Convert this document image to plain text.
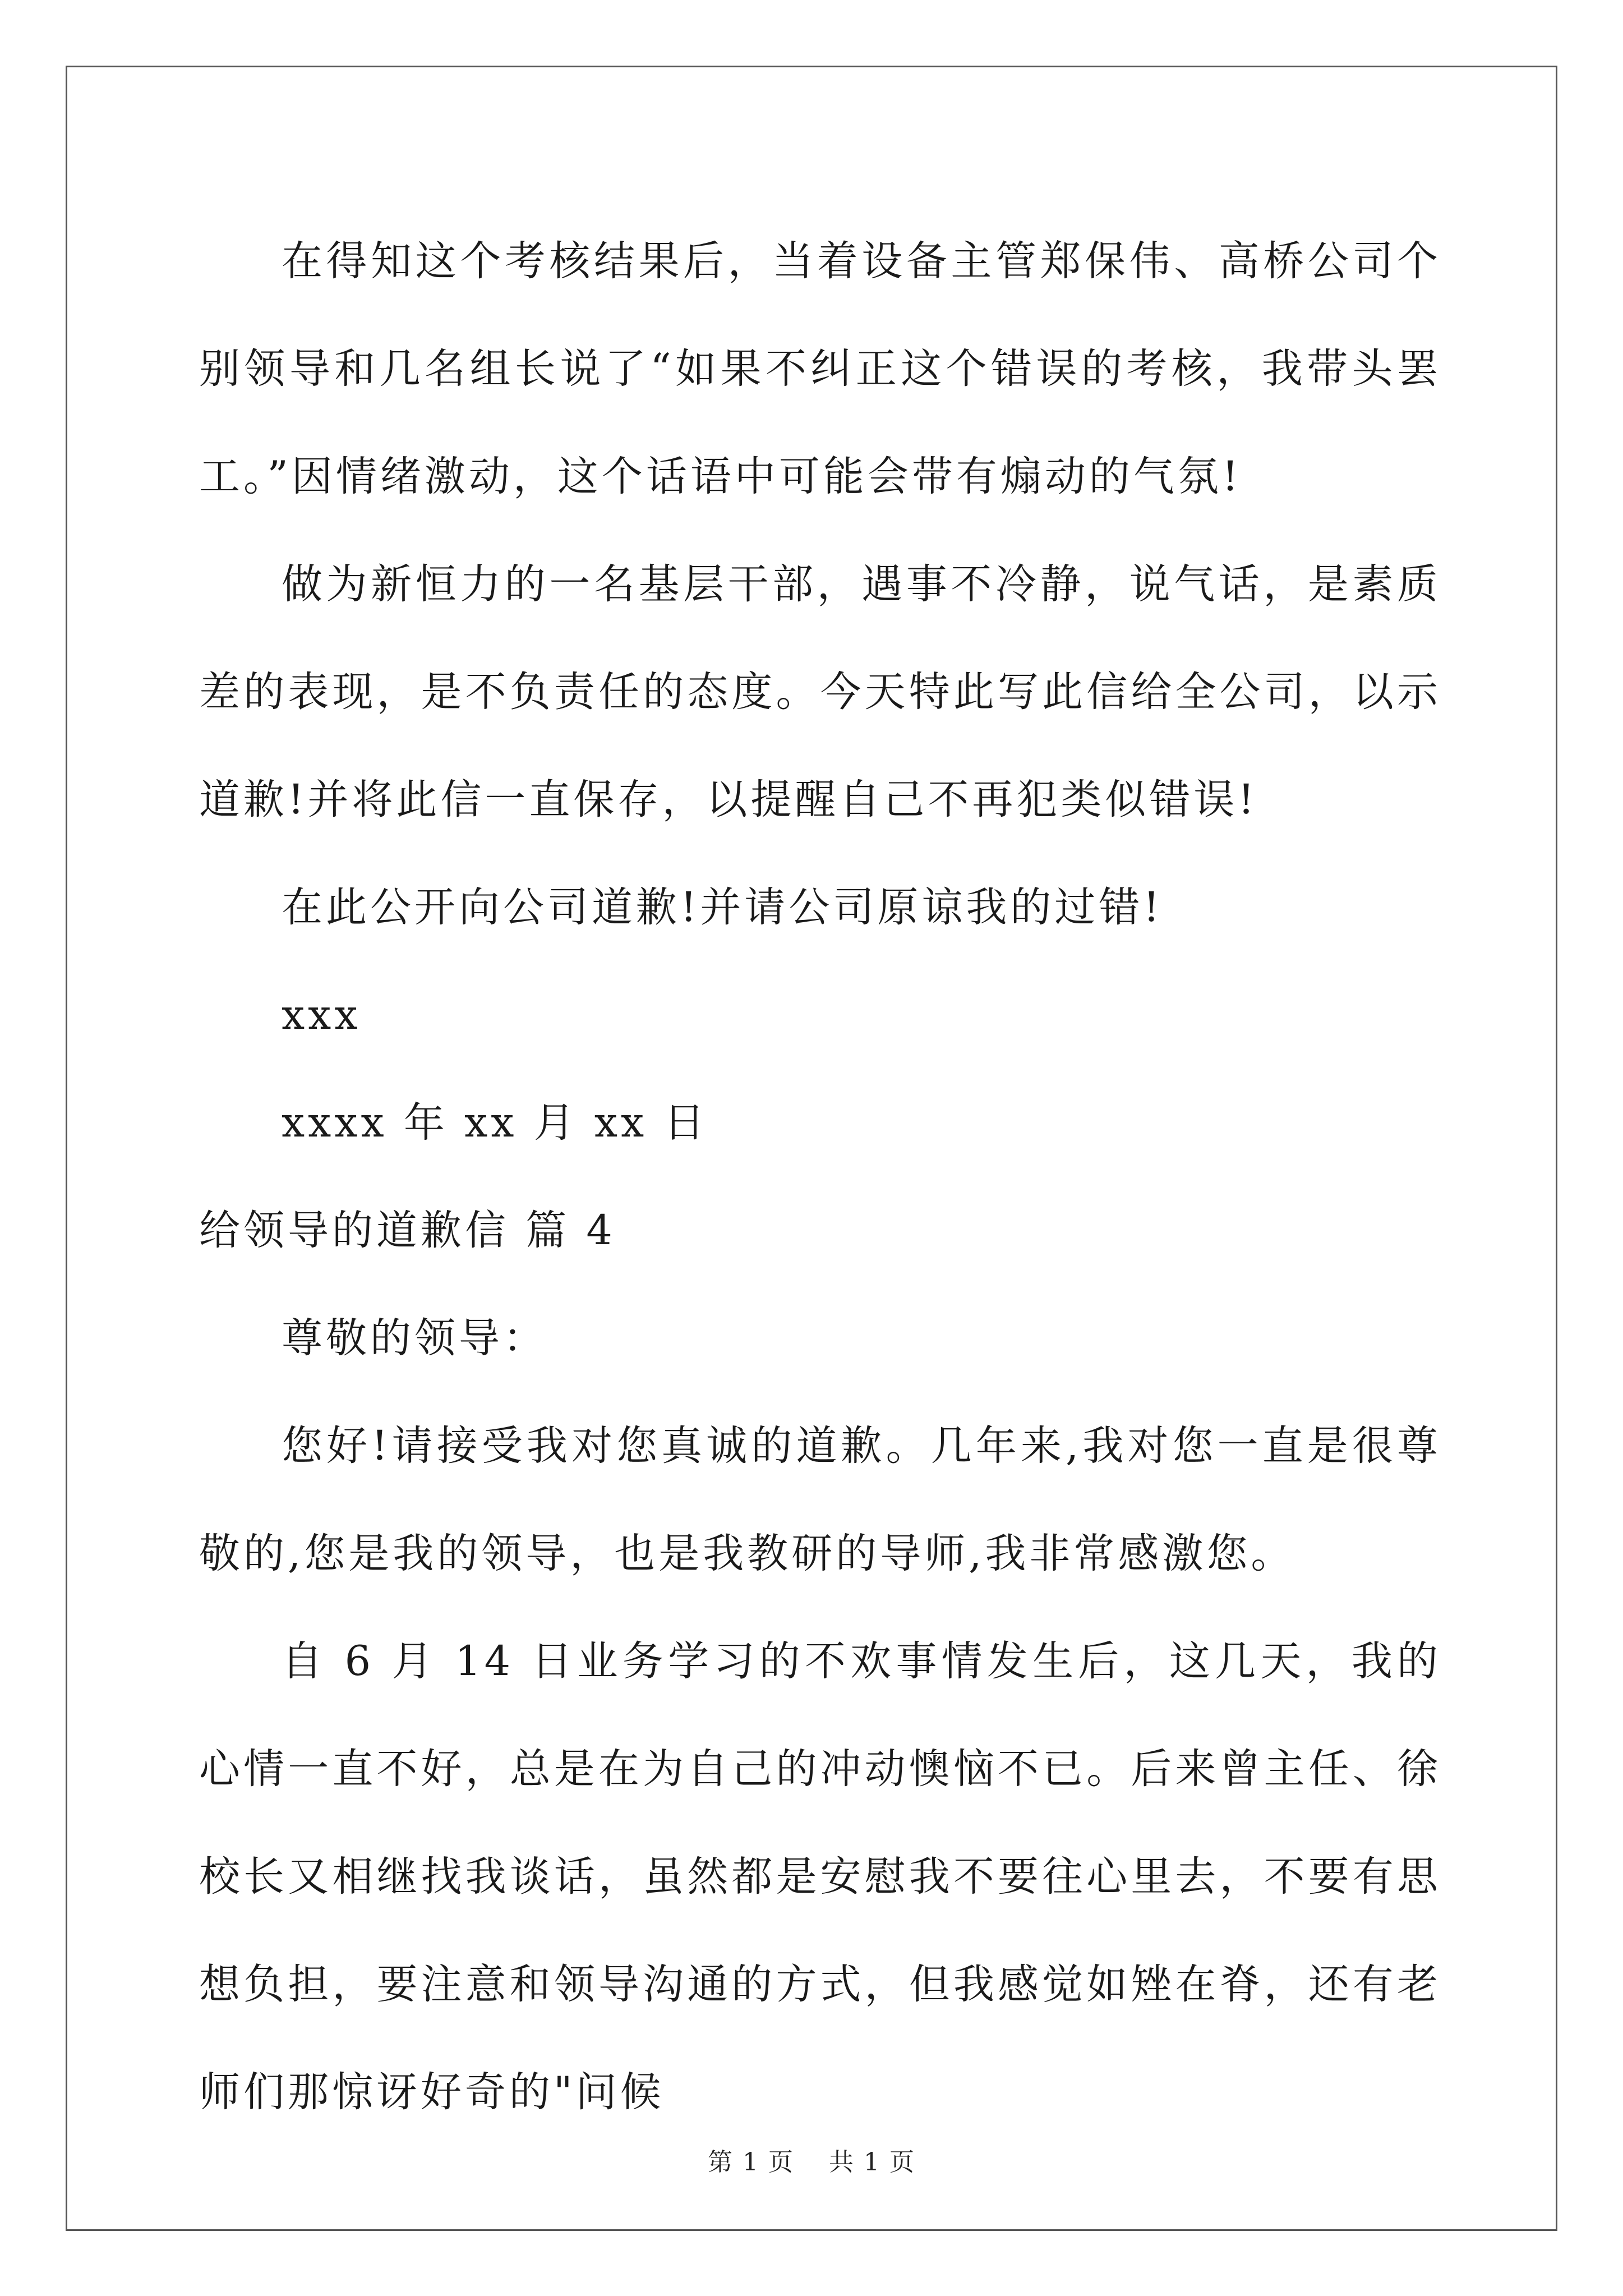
在得知这个考核结果后，当着设备主管郑保伟、高桥公司个别领导和几名组长说了“如果不纠正这个错误的考核，我带头罢工。”因情绪激动，这个话语中可能会带有煽动的气氛!

做为新恒力的一名基层干部，遇事不冷静，说气话，是素质差的表现，是不负责任的态度。今天特此写此信给全公司，以示道歉!并将此信一直保存，以提醒自己不再犯类似错误!

在此公开向公司道歉!并请公司原谅我的过错!

xxx

xxxx 年 xx 月 xx 日

给领导的道歉信 篇 4

尊敬的领导：

您好!请接受我对您真诚的道歉。几年来,我对您一直是很尊敬的,您是我的领导，也是我教研的导师,我非常感激您。

自 6 月 14 日业务学习的不欢事情发生后，这几天，我的心情一直不好，总是在为自己的冲动懊恼不已。后来曾主任、徐校长又相继找我谈话，虽然都是安慰我不要往心里去，不要有思想负担，要注意和领导沟通的方式，但我感觉如矬在脊，还有老师们那惊讶好奇的"问候

第 1 页　 共 1 页
